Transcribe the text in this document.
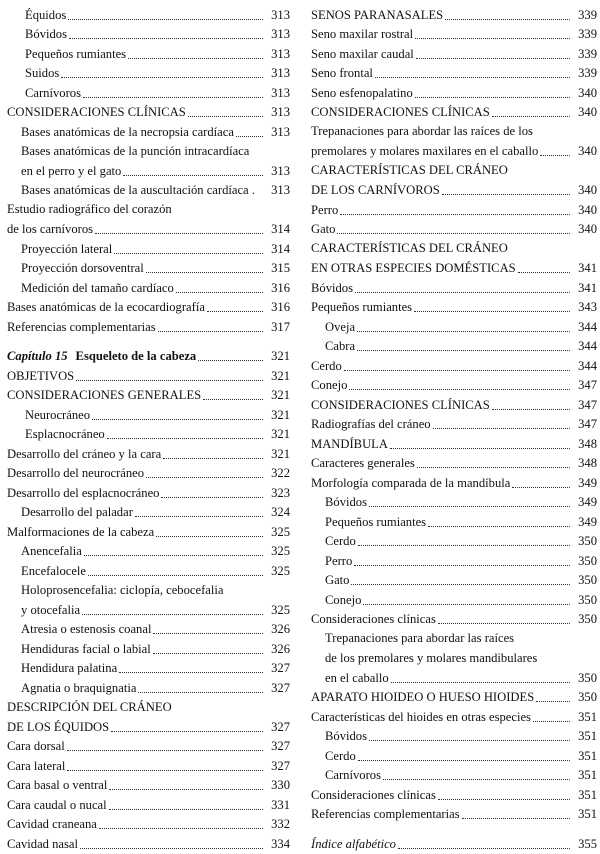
Équidos	313
Bóvidos	313
Pequeños rumiantes	313
Suidos	313
Carnívoros	313
CONSIDERACIONES CLÍNICAS	313
Bases anatómicas de la necropsia cardíaca	313
Bases anatómicas de la punción intracardíaca
en el perro y el gato	313
Bases anatómicas de la auscultación cardíaca .	313
Estudio radiográfico del corazón
de los carnívoros	314
Proyección lateral	314
Proyección dorsoventral	315
Medición del tamaño cardíaco	316
Bases anatómicas de la ecocardiografía	316
Referencias complementarias	317
Capítulo 15 Esqueleto de la cabeza	321
OBJETIVOS	321
CONSIDERACIONES GENERALES	321
Neurocráneo	321
Esplacnocráneo	321
Desarrollo del cráneo y la cara	321
Desarrollo del neurocráneo	322
Desarrollo del esplacnocráneo	323
Desarrollo del paladar	324
Malformaciones de la cabeza	325
Anencefalia	325
Encefalocele	325
Holoprosencefalia: ciclopía, cebocefalia
y otocefalia	325
Atresia o estenosis coanal	326
Hendiduras facial o labial	326
Hendidura palatina	327
Agnatia o braquignatia	327
DESCRIPCIÓN DEL CRÁNEO
DE LOS ÉQUIDOS	327
Cara dorsal	327
Cara lateral	327
Cara basal o ventral	330
Cara caudal o nucal	331
Cavidad craneana	332
Cavidad nasal	334
SENOS PARANASALES	339
Seno maxilar rostral	339
Seno maxilar caudal	339
Seno frontal	339
Seno esfenopalatino	340
CONSIDERACIONES CLÍNICAS	340
Trepanaciones para abordar las raíces de los
premolares y molares maxilares en el caballo	340
CARACTERÍSTICAS DEL CRÁNEO
DE LOS CARNÍVOROS	340
Perro	340
Gato	340
CARACTERÍSTICAS DEL CRÁNEO
EN OTRAS ESPECIES DOMÉSTICAS	341
Bóvidos	341
Pequeños rumiantes	343
Oveja	344
Cabra	344
Cerdo	344
Conejo	347
CONSIDERACIONES CLÍNICAS	347
Radiografías del cráneo	347
MANDÍBULA	348
Caracteres generales	348
Morfología comparada de la mandíbula	349
Bóvidos	349
Pequeños rumiantes	349
Cerdo	350
Perro	350
Gato	350
Conejo	350
Consideraciones clínicas	350
Trepanaciones para abordar las raíces
de los premolares y molares mandibulares
en el caballo	350
APARATO HIOIDEO O HUESO HIOIDES	350
Características del hioides en otras especies	351
Bóvidos	351
Cerdo	351
Carnívoros	351
Consideraciones clínicas	351
Referencias complementarias	351
Índice alfabético	355
